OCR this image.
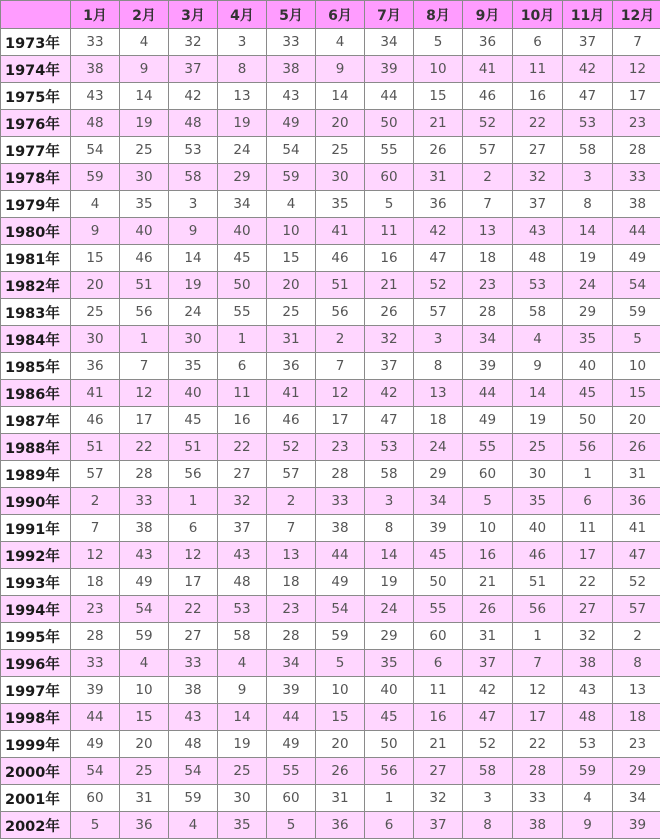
	1月	2月	3月	4月	5月	6月	7月	8月	9月	10月	11月	12月
1973年	33	4	32	3	33	4	34	5	36	6	37	7
1974年	38	9	37	8	38	9	39	10	41	11	42	12
1975年	43	14	42	13	43	14	44	15	46	16	47	17
1976年	48	19	48	19	49	20	50	21	52	22	53	23
1977年	54	25	53	24	54	25	55	26	57	27	58	28
1978年	59	30	58	29	59	30	60	31	2	32	3	33
1979年	4	35	3	34	4	35	5	36	7	37	8	38
1980年	9	40	9	40	10	41	11	42	13	43	14	44
1981年	15	46	14	45	15	46	16	47	18	48	19	49
1982年	20	51	19	50	20	51	21	52	23	53	24	54
1983年	25	56	24	55	25	56	26	57	28	58	29	59
1984年	30	1	30	1	31	2	32	3	34	4	35	5
1985年	36	7	35	6	36	7	37	8	39	9	40	10
1986年	41	12	40	11	41	12	42	13	44	14	45	15
1987年	46	17	45	16	46	17	47	18	49	19	50	20
1988年	51	22	51	22	52	23	53	24	55	25	56	26
1989年	57	28	56	27	57	28	58	29	60	30	1	31
1990年	2	33	1	32	2	33	3	34	5	35	6	36
1991年	7	38	6	37	7	38	8	39	10	40	11	41
1992年	12	43	12	43	13	44	14	45	16	46	17	47
1993年	18	49	17	48	18	49	19	50	21	51	22	52
1994年	23	54	22	53	23	54	24	55	26	56	27	57
1995年	28	59	27	58	28	59	29	60	31	1	32	2
1996年	33	4	33	4	34	5	35	6	37	7	38	8
1997年	39	10	38	9	39	10	40	11	42	12	43	13
1998年	44	15	43	14	44	15	45	16	47	17	48	18
1999年	49	20	48	19	49	20	50	21	52	22	53	23
2000年	54	25	54	25	55	26	56	27	58	28	59	29
2001年	60	31	59	30	60	31	1	32	3	33	4	34
2002年	5	36	4	35	5	36	6	37	8	38	9	39
